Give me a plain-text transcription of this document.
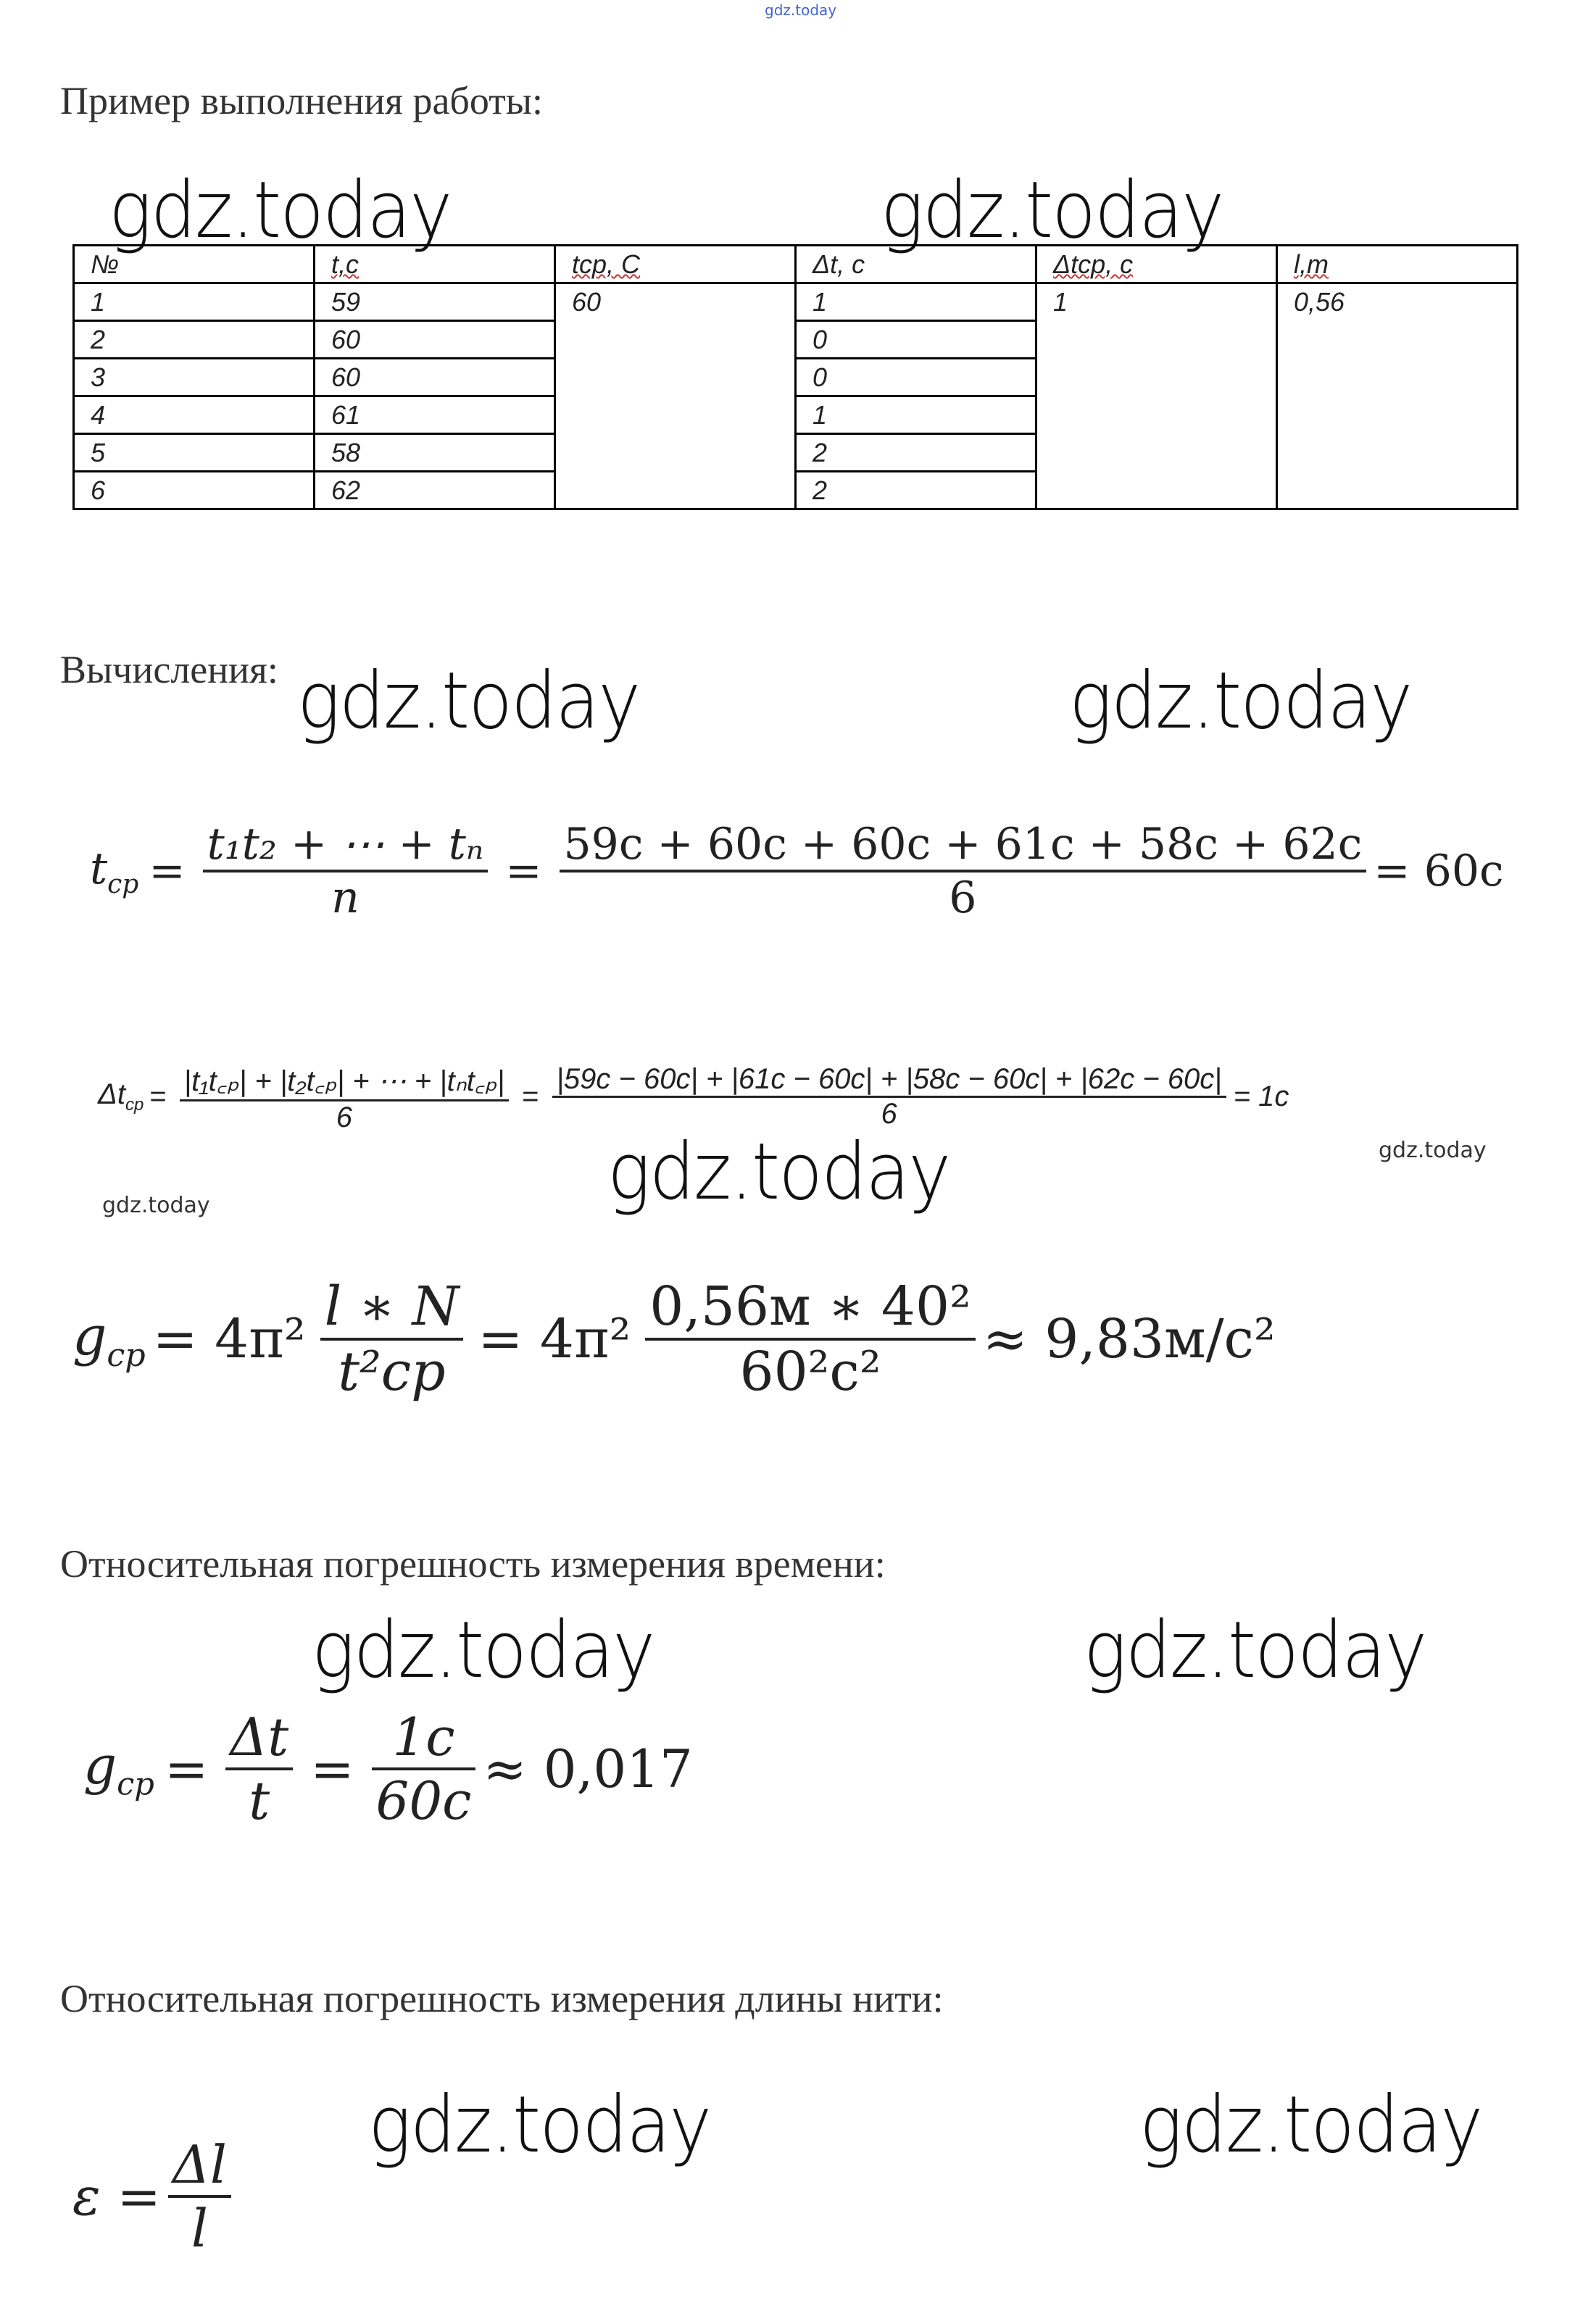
gdz.today
Пример выполнения работы:
gdz.today	gdz.today
№	t,c	tcp, C	Δt, c	Δtcp, c	l,m
1	59	60	1	1	0,56
2	60		0		
3	60		0		
4	61		1		
5	58		2		
6	62		2		
Вычисления: gdz.today	gdz.today
$t_{cp} = \frac{\text{t₁t₂ + ⋯ + tₙ}}{n} = \frac{59c + 60c + 60c + 61c + 58c + 62c}{6} = 60c$
$\Delta t_{cp} = \frac{\text{|t₁t꜀ₚ| + |t₂t꜀ₚ| + ⋯ + |tₙt꜀ₚ|}}{6} = \frac{|59c - 60c| + |61c - 60c| + |58c - 60c| + |62c - 60c|}{6} = 1c$
gdz.today
gdz.today	gdz.today
$g_{cp} = 4\pi^2 \frac{l ∗ N}{\text{t²cp}} = 4\pi^2 \frac{\text{0,56м ∗ 40²}}{\text{60²c²}} \approx 9,83м/c^2$
Относительная погрешность измерения времени:
gdz.today	gdz.today
$g_{cp} = \frac{\Delta t}{t} = \frac{1c}{60c} \approx 0,017$
Относительная погрешность измерения длины нити:
gdz.today	gdz.today
$\varepsilon = \frac{\Delta l}{l}$
